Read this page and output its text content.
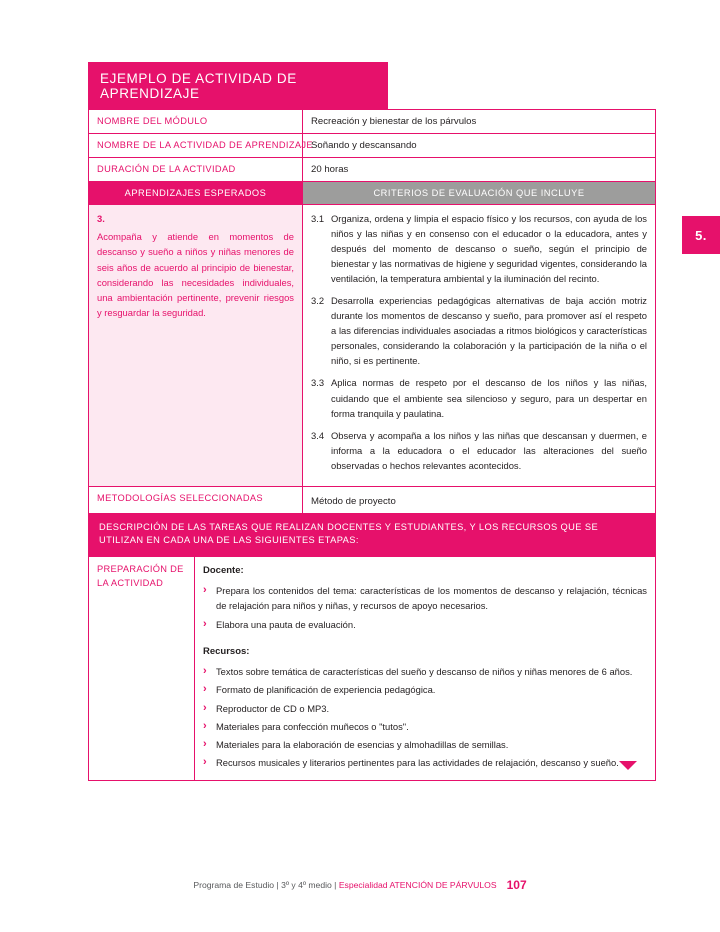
5.
EJEMPLO DE ACTIVIDAD DE APRENDIZAJE
NOMBRE DEL MÓDULO	Recreación y bienestar de los párvulos
NOMBRE DE LA ACTIVIDAD DE APRENDIZAJE	Soñando y descansando
DURACIÓN DE LA ACTIVIDAD	20 horas
APRENDIZAJES ESPERADOS	CRITERIOS DE EVALUACIÓN QUE INCLUYE

3.
Acompaña y atiende en momentos de descanso y sueño a niños y niñas menores de seis años de acuerdo al principio de bienestar, considerando las necesidades individuales, una ambientación pertinente, prevenir riesgos y resguardar la seguridad.	
3.1 Organiza, ordena y limpia el espacio físico y los recursos, con ayuda de los niños y las niñas y en consenso con el educador o la educadora, antes y después del momento de descanso o sueño, según el principio de bienestar y las normativas de higiene y seguridad vigentes, considerando la ventilación, la temperatura ambiental y la iluminación del recinto.
3.2 Desarrolla experiencias pedagógicas alternativas de baja acción motriz durante los momentos de descanso y sueño, para promover así el respeto a las diferencias individuales asociadas a ritmos biológicos y características personales, considerando la colaboración y la participación de la niña o el niño, si es pertinente.
3.3 Aplica normas de respeto por el descanso de los niños y las niñas, cuidando que el ambiente sea silencioso y seguro, para un despertar en forma tranquila y paulatina.
3.4 Observa y acompaña a los niños y las niñas que descansan y duermen, e informa a la educadora o el educador las alteraciones del sueño observadas o hechos relevantes acontecidos.

METODOLOGÍAS SELECCIONADAS	Método de proyecto
DESCRIPCIÓN DE LAS TAREAS QUE REALIZAN DOCENTES Y ESTUDIANTES, Y LOS RECURSOS QUE SE UTILIZAN EN CADA UNA DE LAS SIGUIENTES ETAPAS:
PREPARACIÓN DE LA ACTIVIDAD	

Docente:

› Prepara los contenidos del tema: características de los momentos de descanso y relajación, técnicas de relajación para niños y niñas, y recursos de apoyo necesarios.
› Elabora una pauta de evaluación.

Recursos:

› Textos sobre temática de características del sueño y descanso de niños y niñas menores de 6 años.
› Formato de planificación de experiencia pedagógica.
› Reproductor de CD o MP3.
› Materiales para confección muñecos o "tutos".
› Materiales para la elaboración de esencias y almohadillas de semillas.
› Recursos musicales y literarios pertinentes para las actividades de relajación, descanso y sueño.
Programa de Estudio | 3º y 4º medio | Especialidad ATENCIÓN DE PÁRVULOS 107
